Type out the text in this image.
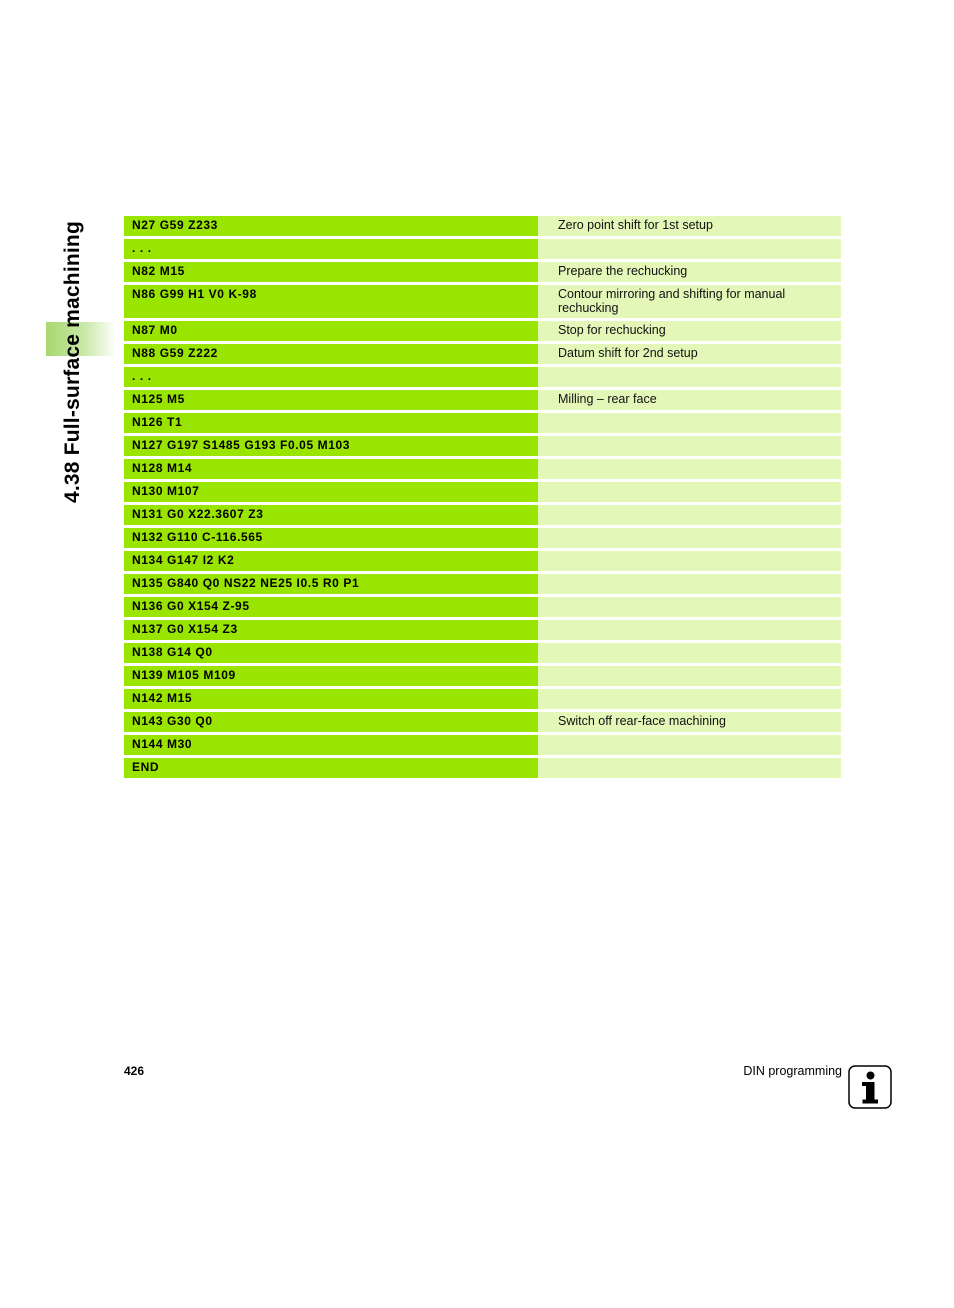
4.38 Full-surface machining	N27 G59 Z233	Zero point shift for 1st setup
. . .	
N82 M15	Prepare the rechucking
N86 G99 H1 V0 K-98	Contour mirroring and shifting for manual rechucking
N87 M0	Stop for rechucking
N88 G59 Z222	Datum shift for 2nd setup
. . .	
N125 M5	Milling – rear face
N126 T1	
N127 G197 S1485 G193 F0.05 M103	
N128 M14	
N130 M107	
N131 G0 X22.3607 Z3	
N132 G110 C-116.565	
N134 G147 I2 K2	
N135 G840 Q0 NS22 NE25 I0.5 R0 P1	
N136 G0 X154 Z-95	
N137 G0 X154 Z3	
N138 G14 Q0	
N139 M105 M109	
N142 M15	
N143 G30 Q0	Switch off rear-face machining
N144 M30	
END	
426	DIN programming
